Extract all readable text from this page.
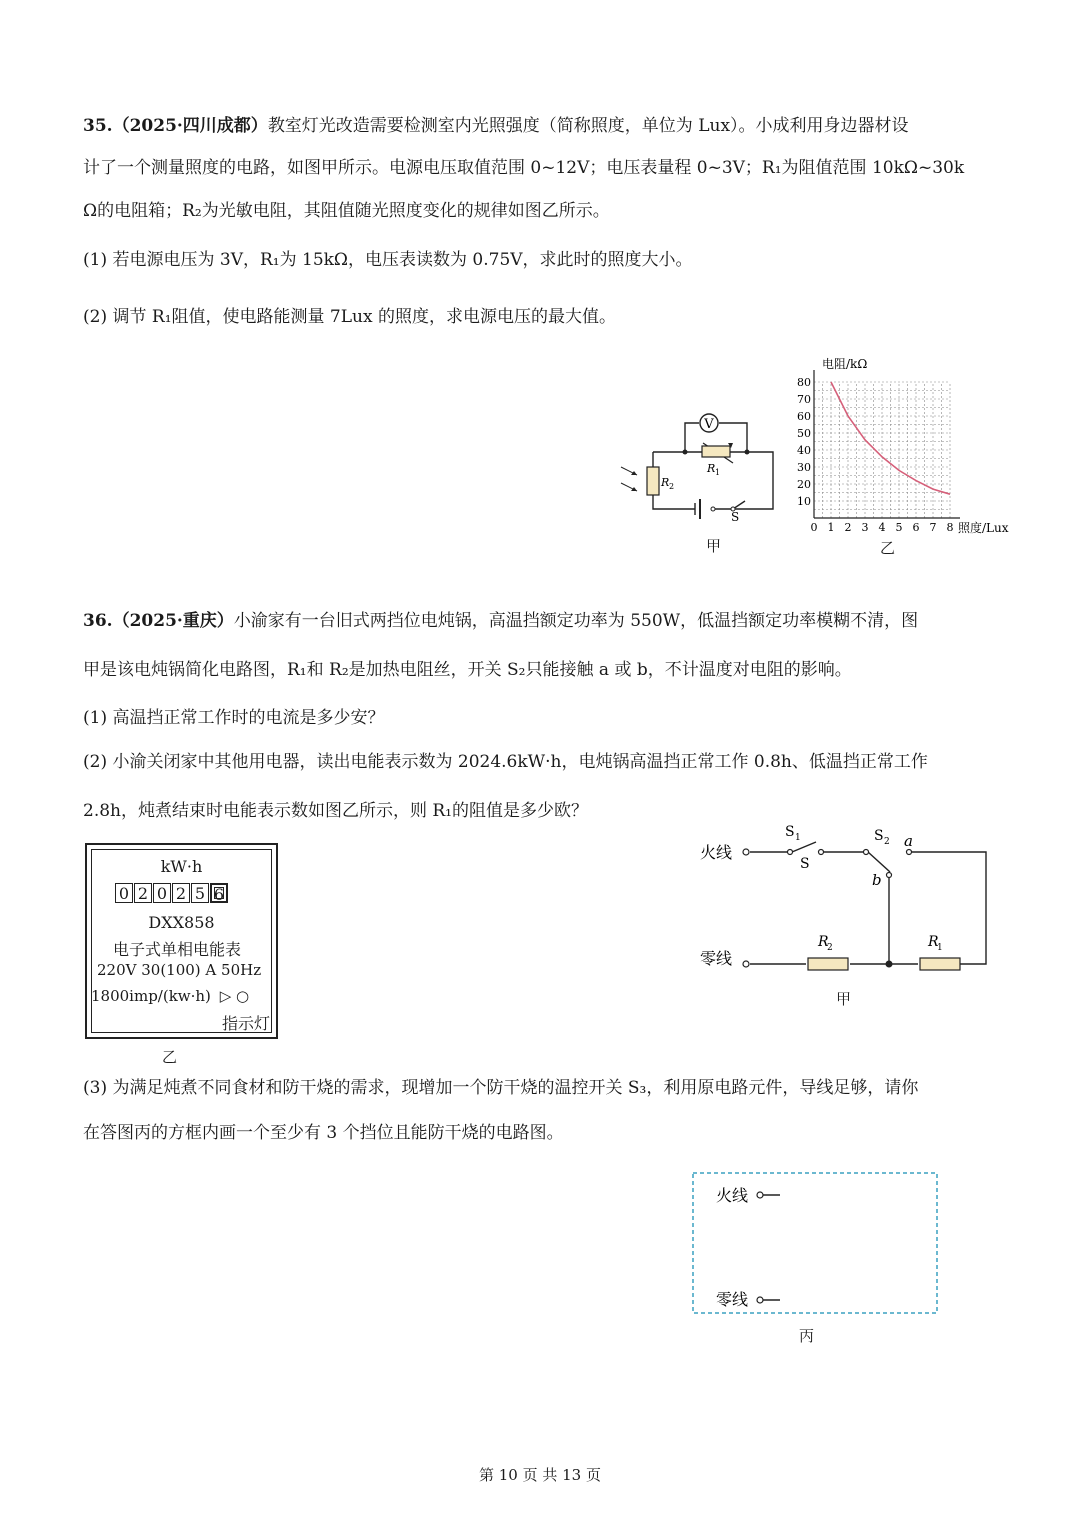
35.（2025·四川成都）教室灯光改造需要检测室内光照强度（简称照度，单位为 Lux）。小成利用身边器材设
计了一个测量照度的电路，如图甲所示。电源电压取值范围 0~12V；电压表量程 0~3V；R₁为阻值范围 10kΩ~30k
Ω的电阻箱；R₂为光敏电阻，其阻值随光照度变化的规律如图乙所示。
(1) 若电源电压为 3V，R₁为 15kΩ，电压表读数为 0.75V，求此时的照度大小。
(2) 调节 R₁阻值，使电路能测量 7Lux 的照度，求电源电压的最大值。
V
R 1
R 2
S
甲
0 1 2 3 4 5 6 7 8
10
20
30
40
50
60
70
80
电阻/kΩ
照度/Lux
乙
36.（2025·重庆）小渝家有一台旧式两挡位电炖锅，高温挡额定功率为 550W，低温挡额定功率模糊不清，图
甲是该电炖锅简化电路图，R₁和 R₂是加热电阻丝，开关 S₂只能接触 a 或 b，不计温度对电阻的影响。
(1) 高温挡正常工作时的电流是多少安？
(2) 小渝关闭家中其他用电器，读出电能表示数为 2024.6kW·h，电炖锅高温挡正常工作 0.8h、低温挡正常工作
2.8h，炖煮结束时电能表示数如图乙所示，则 R₁的阻值是多少欧？
kW·h
0 2 0 2 5 6
DXX858
电子式单相电能表
220V 30(100) A 50Hz
1800imp/(kw·h) ▷ ○
指示灯
乙
火线
零线
S 1
S
S 2 a
b
R
2	R
1
甲
(3) 为满足炖煮不同食材和防干烧的需求，现增加一个防干烧的温控开关 S₃，利用原电路元件，导线足够，请你
在答图丙的方框内画一个至少有 3 个挡位且能防干烧的电路图。
火线
零线
丙
第 10 页 共 13 页
